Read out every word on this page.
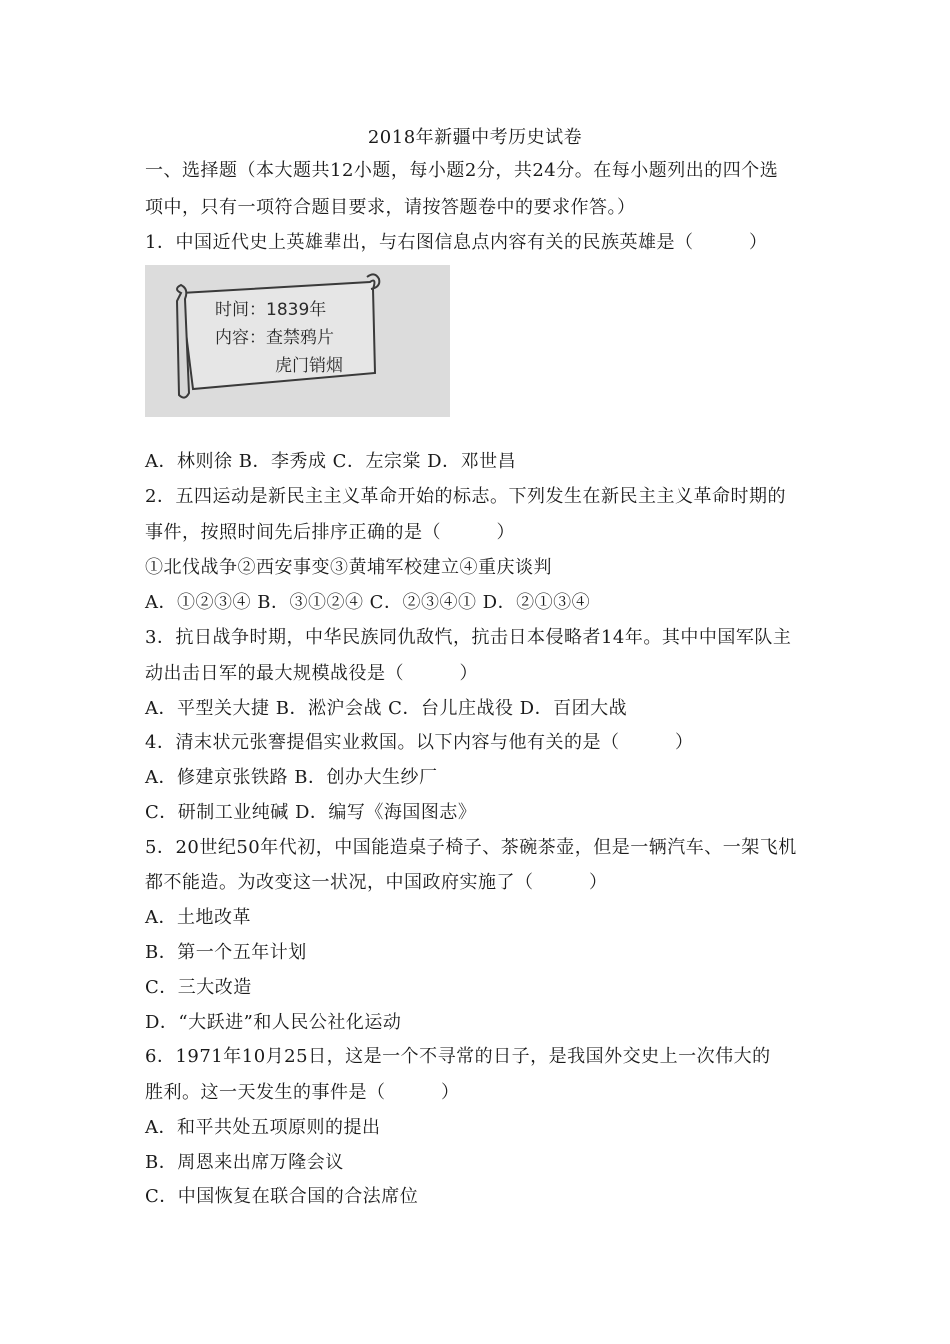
2018年新疆中考历史试卷
一、选择题（本大题共12小题，每小题2分，共24分。在每小题列出的四个选
项中，只有一项符合题目要求，请按答题卷中的要求作答。）
1．中国近代史上英雄辈出，与右图信息点内容有关的民族英雄是（　　　）
时间：1839年
内容：查禁鸦片
虎门销烟
A．林则徐 B．李秀成 C．左宗棠 D．邓世昌
2．五四运动是新民主主义革命开始的标志。下列发生在新民主主义革命时期的
事件，按照时间先后排序正确的是（　　　）
①北伐战争②西安事变③黄埔军校建立④重庆谈判
A．①②③④ B．③①②④ C．②③④① D．②①③④
3．抗日战争时期，中华民族同仇敌忾，抗击日本侵略者14年。其中中国军队主
动出击日军的最大规模战役是（　　　）
A．平型关大捷 B．淞沪会战 C．台儿庄战役 D．百团大战
4．清末状元张謇提倡实业救国。以下内容与他有关的是（　　　）
A．修建京张铁路 B．创办大生纱厂
C．研制工业纯碱 D．编写《海国图志》
5．20世纪50年代初，中国能造桌子椅子、茶碗茶壶，但是一辆汽车、一架飞机
都不能造。为改变这一状况，中国政府实施了（　　　）
A．土地改革
B．第一个五年计划
C．三大改造
D．“大跃进”和人民公社化运动
6．1971年10月25日，这是一个不寻常的日子，是我国外交史上一次伟大的
胜利。这一天发生的事件是（　　　）
A．和平共处五项原则的提出
B．周恩来出席万隆会议
C．中国恢复在联合国的合法席位
